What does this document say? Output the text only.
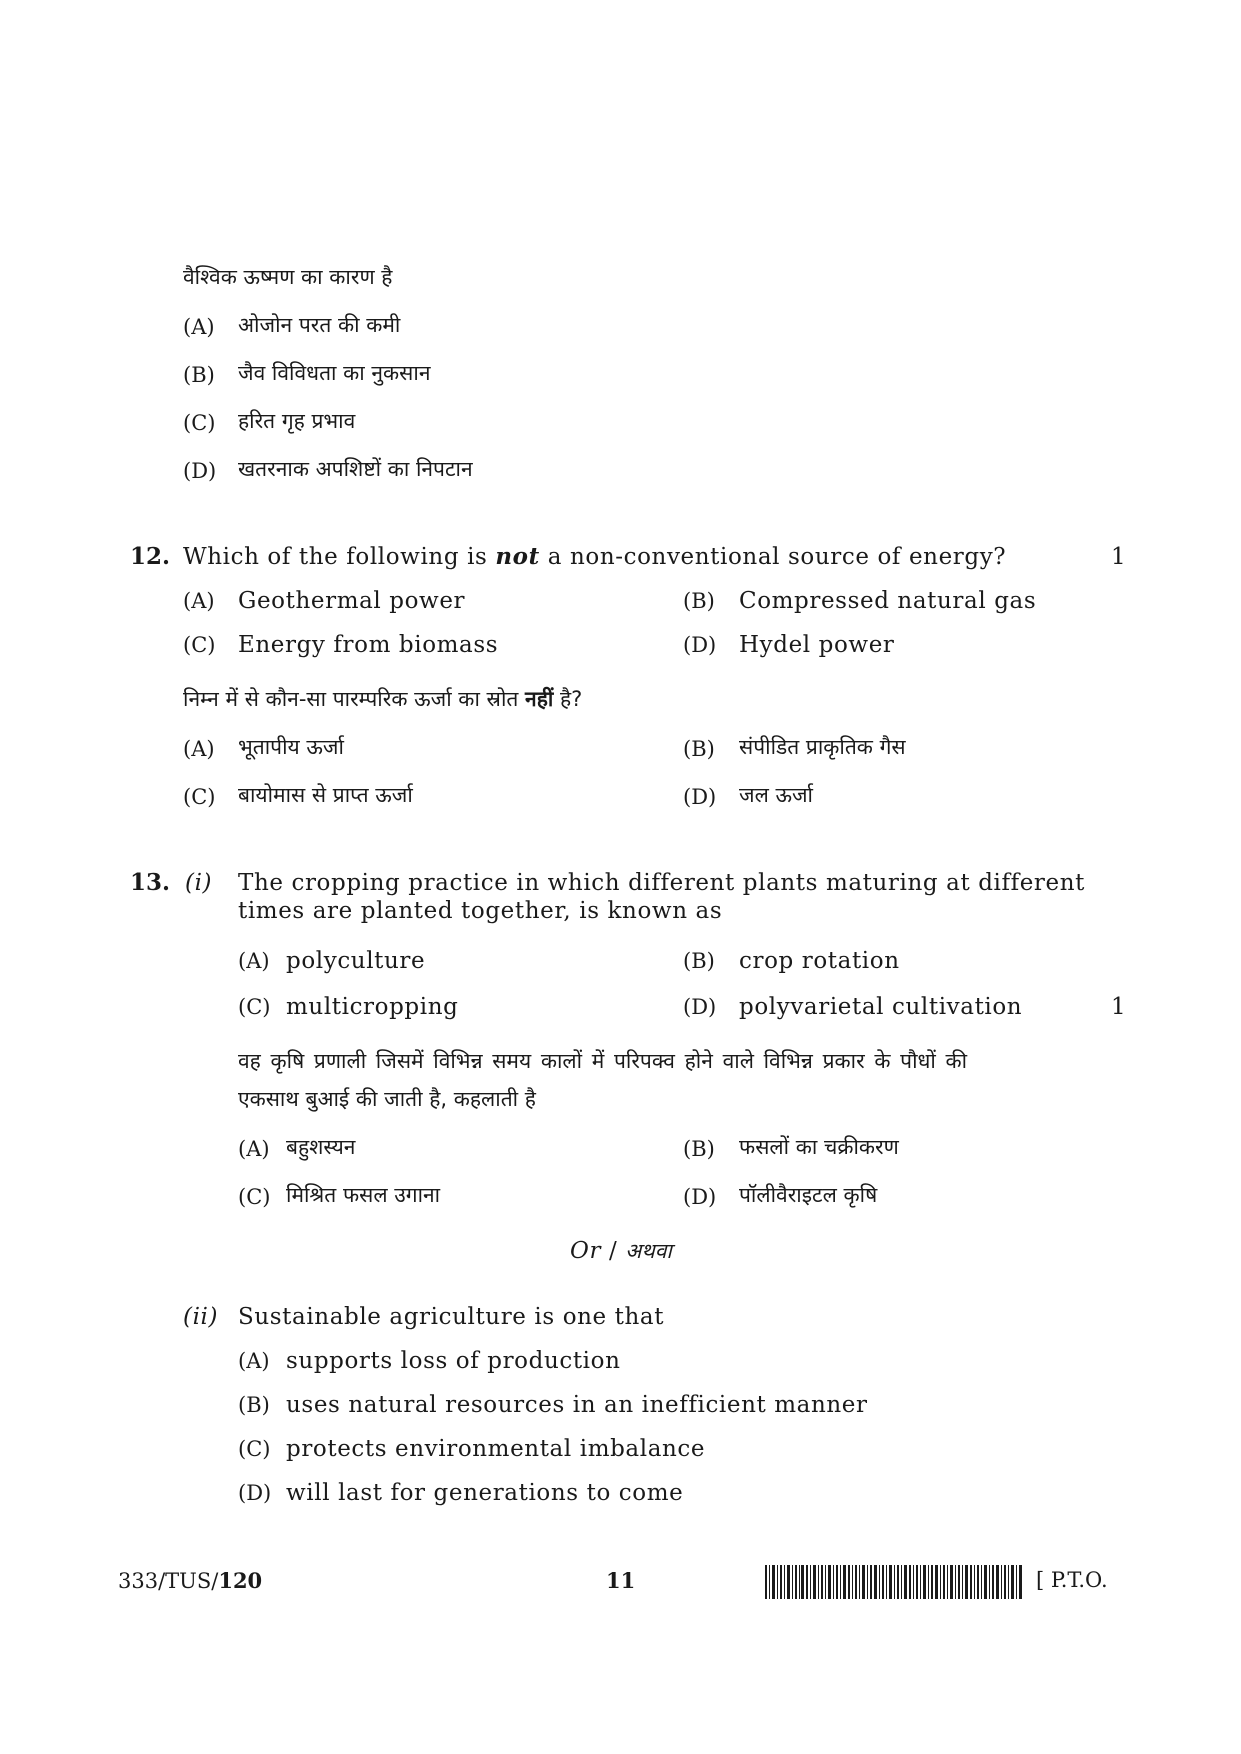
वैश्विक ऊष्मण का कारण है
(A) ओजोन परत की कमी
(B) जैव विविधता का नुकसान
(C) हरित गृह प्रभाव
(D) खतरनाक अपशिष्टों का निपटान
12. Which of the following is not a non-conventional source of energy?	1
(A) Geothermal power	(B) Compressed natural gas
(C) Energy from biomass	(D) Hydel power
निम्न में से कौन-सा पारम्परिक ऊर्जा का स्रोत नहीं है?
(A) भूतापीय ऊर्जा	(B) संपीडित प्राकृतिक गैस
(C) बायोमास से प्राप्त ऊर्जा	(D) जल ऊर्जा
13. (i) The cropping practice in which different plants maturing at different
times are planted together, is known as
(A) polyculture	(B) crop rotation
(C) multicropping	(D) polyvarietal cultivation	1
वह कृषि प्रणाली जिसमें विभिन्न समय कालों में परिपक्व होने वाले विभिन्न प्रकार के पौधों की
एकसाथ बुआई की जाती है, कहलाती है
(A) बहुशस्यन	(B) फसलों का चक्रीकरण
(C) मिश्रित फसल उगाना	(D) पॉलीवैराइटल कृषि
Or / अथवा
(ii) Sustainable agriculture is one that
(A) supports loss of production
(B) uses natural resources in an inefficient manner
(C) protects environmental imbalance
(D) will last for generations to come
333/TUS/120	11	[ P.T.O.
